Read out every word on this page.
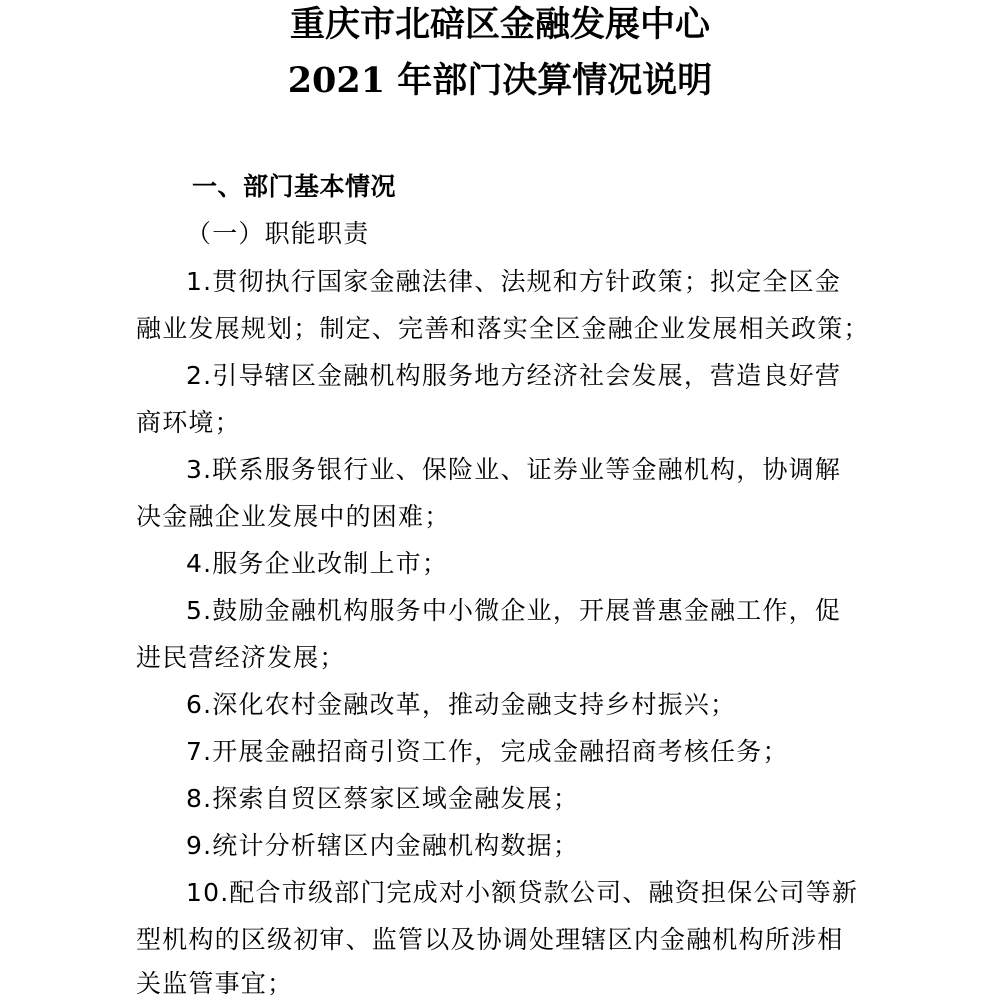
重庆市北碚区金融发展中心
2021 年部门决算情况说明
一、部门基本情况
（一）职能职责
1.贯彻执行国家金融法律、法规和方针政策；拟定全区金
融业发展规划；制定、完善和落实全区金融企业发展相关政策；
2.引导辖区金融机构服务地方经济社会发展，营造良好营
商环境；
3.联系服务银行业、保险业、证券业等金融机构，协调解
决金融企业发展中的困难；
4.服务企业改制上市；
5.鼓励金融机构服务中小微企业，开展普惠金融工作，促
进民营经济发展；
6.深化农村金融改革，推动金融支持乡村振兴；
7.开展金融招商引资工作，完成金融招商考核任务；
8.探索自贸区蔡家区域金融发展；
9.统计分析辖区内金融机构数据；
10.配合市级部门完成对小额贷款公司、融资担保公司等新
型机构的区级初审、监管以及协调处理辖区内金融机构所涉相
关监管事宜；
